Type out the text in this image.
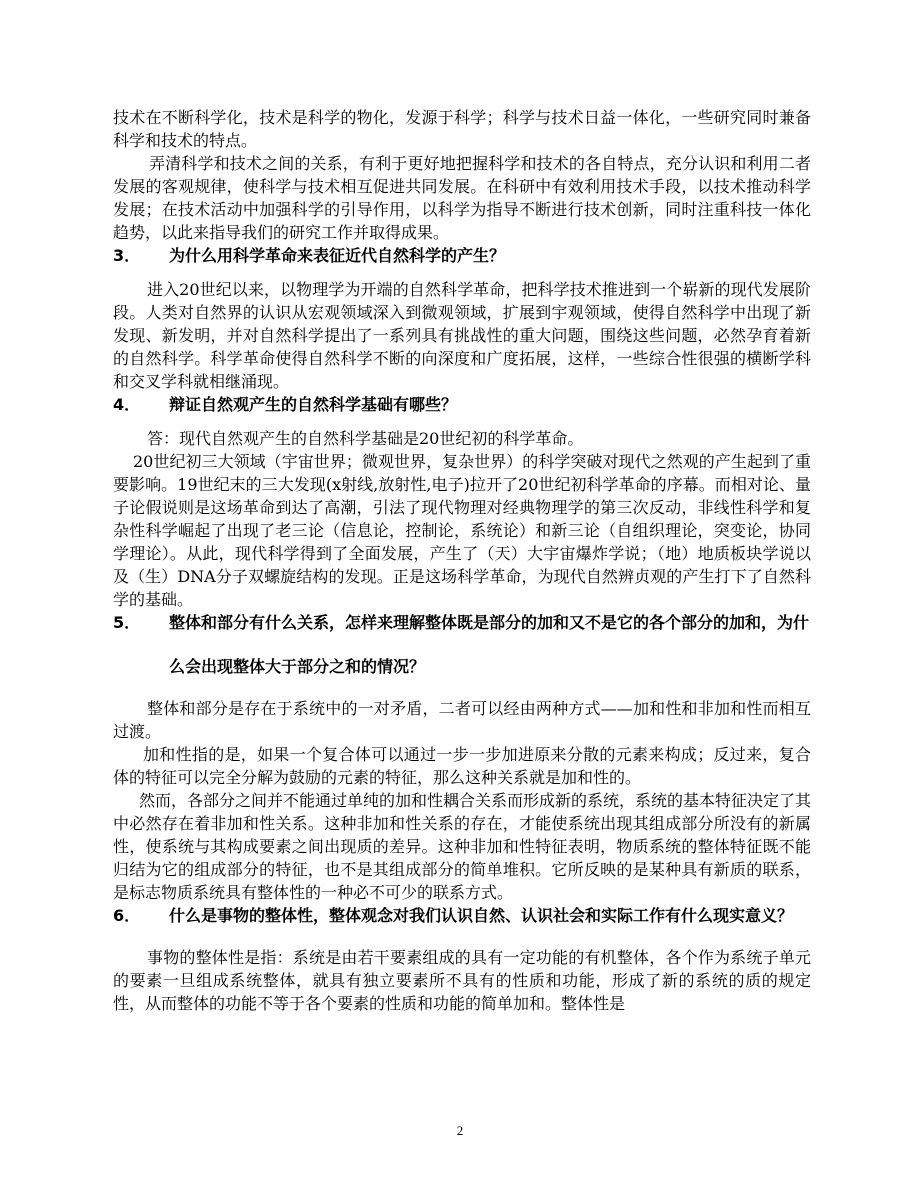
技术在不断科学化，技术是科学的物化，发源于科学；科学与技术日益一体化，一些研究同时兼备科学和技术的特点。

弄清科学和技术之间的关系，有利于更好地把握科学和技术的各自特点，充分认识和利用二者发展的客观规律，使科学与技术相互促进共同发展。在科研中有效利用技术手段，以技术推动科学发展；在技术活动中加强科学的引导作用，以科学为指导不断进行技术创新，同时注重科技一体化趋势，以此来指导我们的研究工作并取得成果。

3．	为什么用科学革命来表征近代自然科学的产生？

进入20世纪以来，以物理学为开端的自然科学革命，把科学技术推进到一个崭新的现代发展阶段。人类对自然界的认识从宏观领域深入到微观领域，扩展到宇观领域，使得自然科学中出现了新发现、新发明，并对自然科学提出了一系列具有挑战性的重大问题，围绕这些问题，必然孕育着新的自然科学。科学革命使得自然科学不断的向深度和广度拓展，这样，一些综合性很强的横断学科和交叉学科就相继涌现。

4．	辩证自然观产生的自然科学基础有哪些？

答：现代自然观产生的自然科学基础是20世纪初的科学革命。

20世纪初三大领域（宇宙世界；微观世界，复杂世界）的科学突破对现代之然观的产生起到了重要影响。19世纪末的三大发现(x射线,放射性,电子)拉开了20世纪初科学革命的序幕。而相对论、量子论假说则是这场革命到达了高潮，引法了现代物理对经典物理学的第三次反动，非线性科学和复杂性科学崛起了出现了老三论（信息论，控制论，系统论）和新三论（自组织理论，突变论，协同学理论）。从此，现代科学得到了全面发展，产生了（天）大宇宙爆炸学说；（地）地质板块学说以及（生）DNA分子双螺旋结构的发现。正是这场科学革命，为现代自然辨贞观的产生打下了自然科学的基础。

5．	整体和部分有什么关系，怎样来理解整体既是部分的加和又不是它的各个部分的加和，为什么会出现整体大于部分之和的情况？

整体和部分是存在于系统中的一对矛盾，二者可以经由两种方式——加和性和非加和性而相互过渡。

加和性指的是，如果一个复合体可以通过一步一步加进原来分散的元素来构成；反过来，复合体的特征可以完全分解为鼓励的元素的特征，那么这种关系就是加和性的。

然而，各部分之间并不能通过单纯的加和性耦合关系而形成新的系统，系统的基本特征决定了其中必然存在着非加和性关系。这种非加和性关系的存在，才能使系统出现其组成部分所没有的新属性，使系统与其构成要素之间出现质的差异。这种非加和性特征表明，物质系统的整体特征既不能归结为它的组成部分的特征，也不是其组成部分的简单堆积。它所反映的是某种具有新质的联系，是标志物质系统具有整体性的一种必不可少的联系方式。

6．	什么是事物的整体性，整体观念对我们认识自然、认识社会和实际工作有什么现实意义？

事物的整体性是指：系统是由若干要素组成的具有一定功能的有机整体，各个作为系统子单元的要素一旦组成系统整体，就具有独立要素所不具有的性质和功能，形成了新的系统的质的规定性，从而整体的功能不等于各个要素的性质和功能的简单加和。整体性是

2
